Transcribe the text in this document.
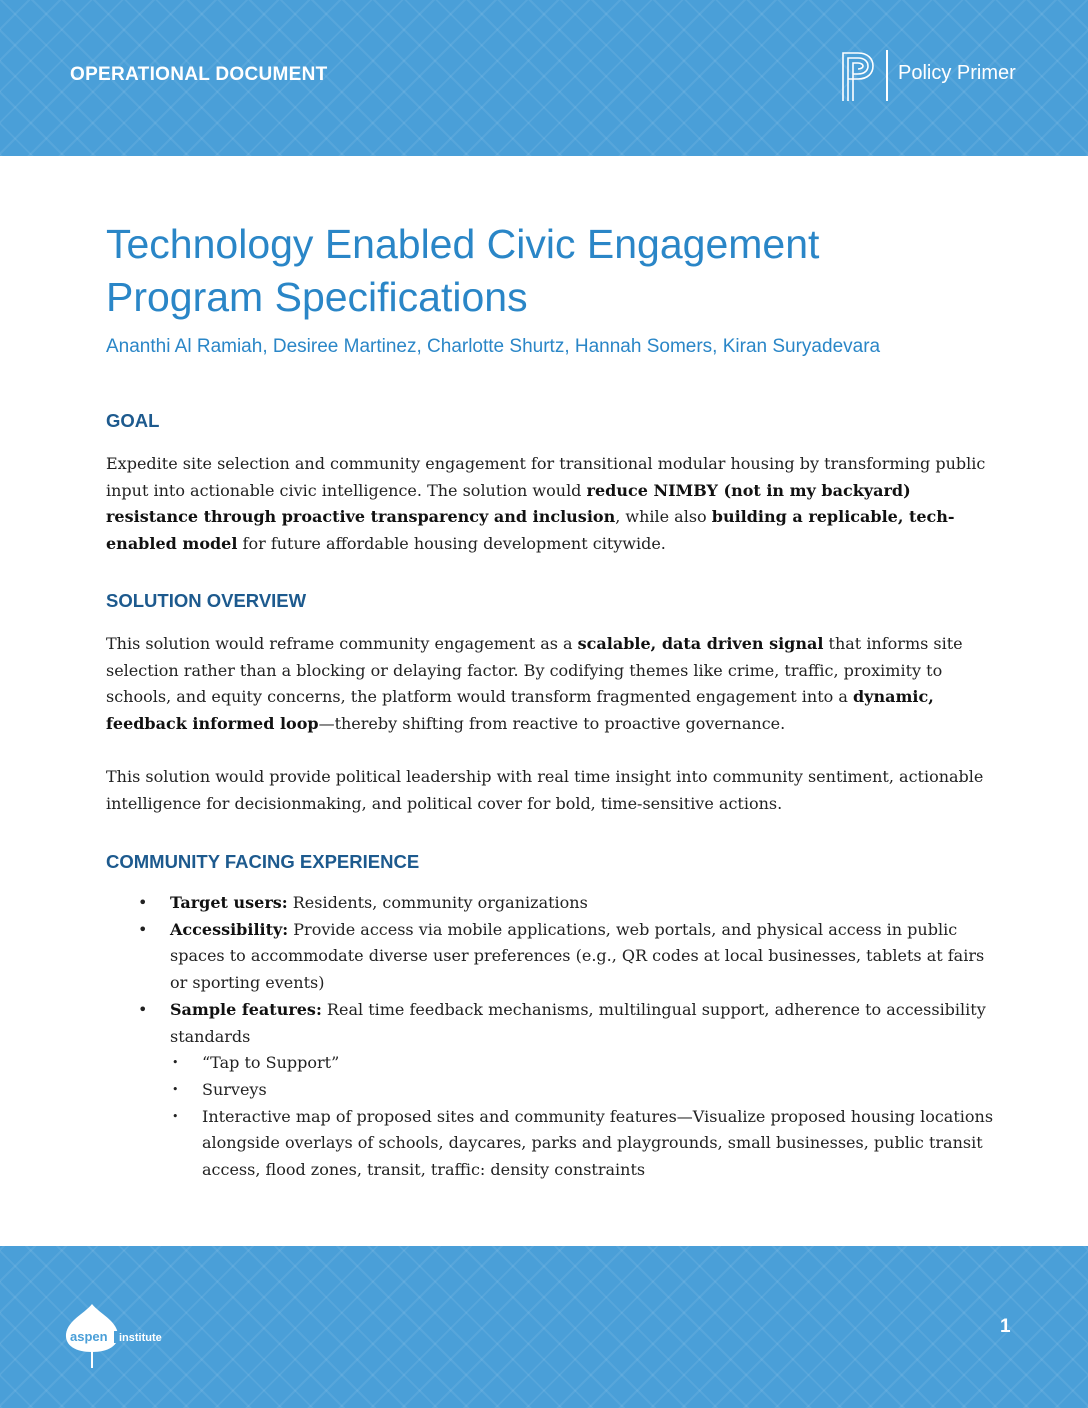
OPERATIONAL DOCUMENT	Policy Primer
Technology Enabled Civic Engagement
Program Specifications
Ananthi Al Ramiah, Desiree Martinez, Charlotte Shurtz, Hannah Somers, Kiran Suryadevara
GOAL

Expedite site selection and community engagement for transitional modular housing by transforming public input into actionable civic intelligence. The solution would reduce NIMBY (not in my backyard) resistance through proactive transparency and inclusion, while also building a replicable, tech-enabled model for future affordable housing development citywide.

SOLUTION OVERVIEW

This solution would reframe community engagement as a scalable, data driven signal that informs site selection rather than a blocking or delaying factor. By codifying themes like crime, traffic, proximity to schools, and equity concerns, the platform would transform fragmented engagement into a dynamic, feedback informed loop—thereby shifting from reactive to proactive governance.

This solution would provide political leadership with real time insight into community sentiment, actionable intelligence for decisionmaking, and political cover for bold, time-sensitive actions.

COMMUNITY FACING EXPERIENCE
• Target users: Residents, community organizations
• Accessibility: Provide access via mobile applications, web portals, and physical access in public spaces to accommodate diverse user preferences (e.g., QR codes at local businesses, tablets at fairs or sporting events)
• Sample features: Real time feedback mechanisms, multilingual support, adherence to accessibility standards
• “Tap to Support”
• Surveys
• Interactive map of proposed sites and community features—Visualize proposed housing locations alongside overlays of schools, daycares, parks and playgrounds, small businesses, public transit access, flood zones, transit, traffic: density constraints
aspen institute
1
